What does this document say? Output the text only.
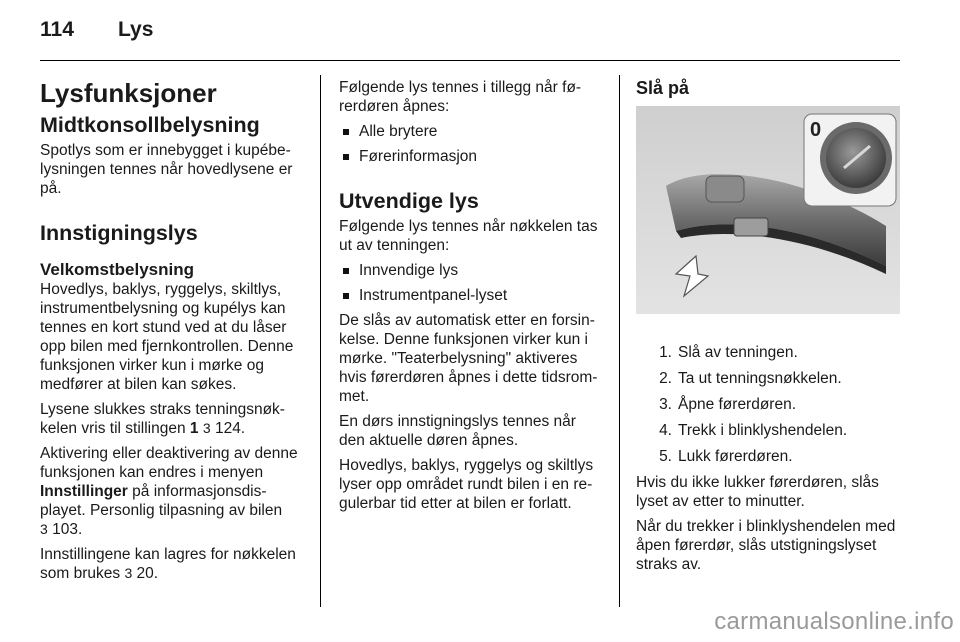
114 Lys
Lysfunksjoner
Midtkonsollbelysning

Spotlys som er innebygget i kupébelysningen tennes når hovedlysene er på.

Innstigningslys
Velkomstbelysning

Hovedlys, baklys, ryggelys, skiltlys, instrumentbelysning og kupélys kan tennes en kort stund ved at du låser opp bilen med fjernkontrollen. Denne funksjonen virker kun i mørke og medfører at bilen kan søkes.

Lysene slukkes straks tenningsnøkkelen vris til stillingen 1 3 124.

Aktivering eller deaktivering av denne funksjonen kan endres i menyen Innstillinger på informasjonsdisplayet. Personlig tilpasning av bilen
3 103.

Innstillingene kan lagres for nøkkelen som brukes 3 20.

Følgende lys tennes i tillegg når førerdøren åpnes:

Alle brytere
Førerinformasjon
Utvendige lys

Følgende lys tennes når nøkkelen tas ut av tenningen:

Innvendige lys
Instrumentpanel-lyset

De slås av automatisk etter en forsinkelse. Denne funksjonen virker kun i mørke. "Teaterbelysning" aktiveres hvis førerdøren åpnes i dette tidsrommet.

En dørs innstigningslys tennes når den aktuelle døren åpnes.

Hovedlys, baklys, ryggelys og skiltlys lyser opp området rundt bilen i en regulerbar tid etter at bilen er forlatt.

Slå på
0
1. Slå av tenningen.
2. Ta ut tenningsnøkkelen.
3. Åpne førerdøren.
4. Trekk i blinklyshendelen.
5. Lukk førerdøren.

Hvis du ikke lukker førerdøren, slås lyset av etter to minutter.

Når du trekker i blinklyshendelen med åpen førerdør, slås utstigningslyset straks av.

carmanualsonline.info
